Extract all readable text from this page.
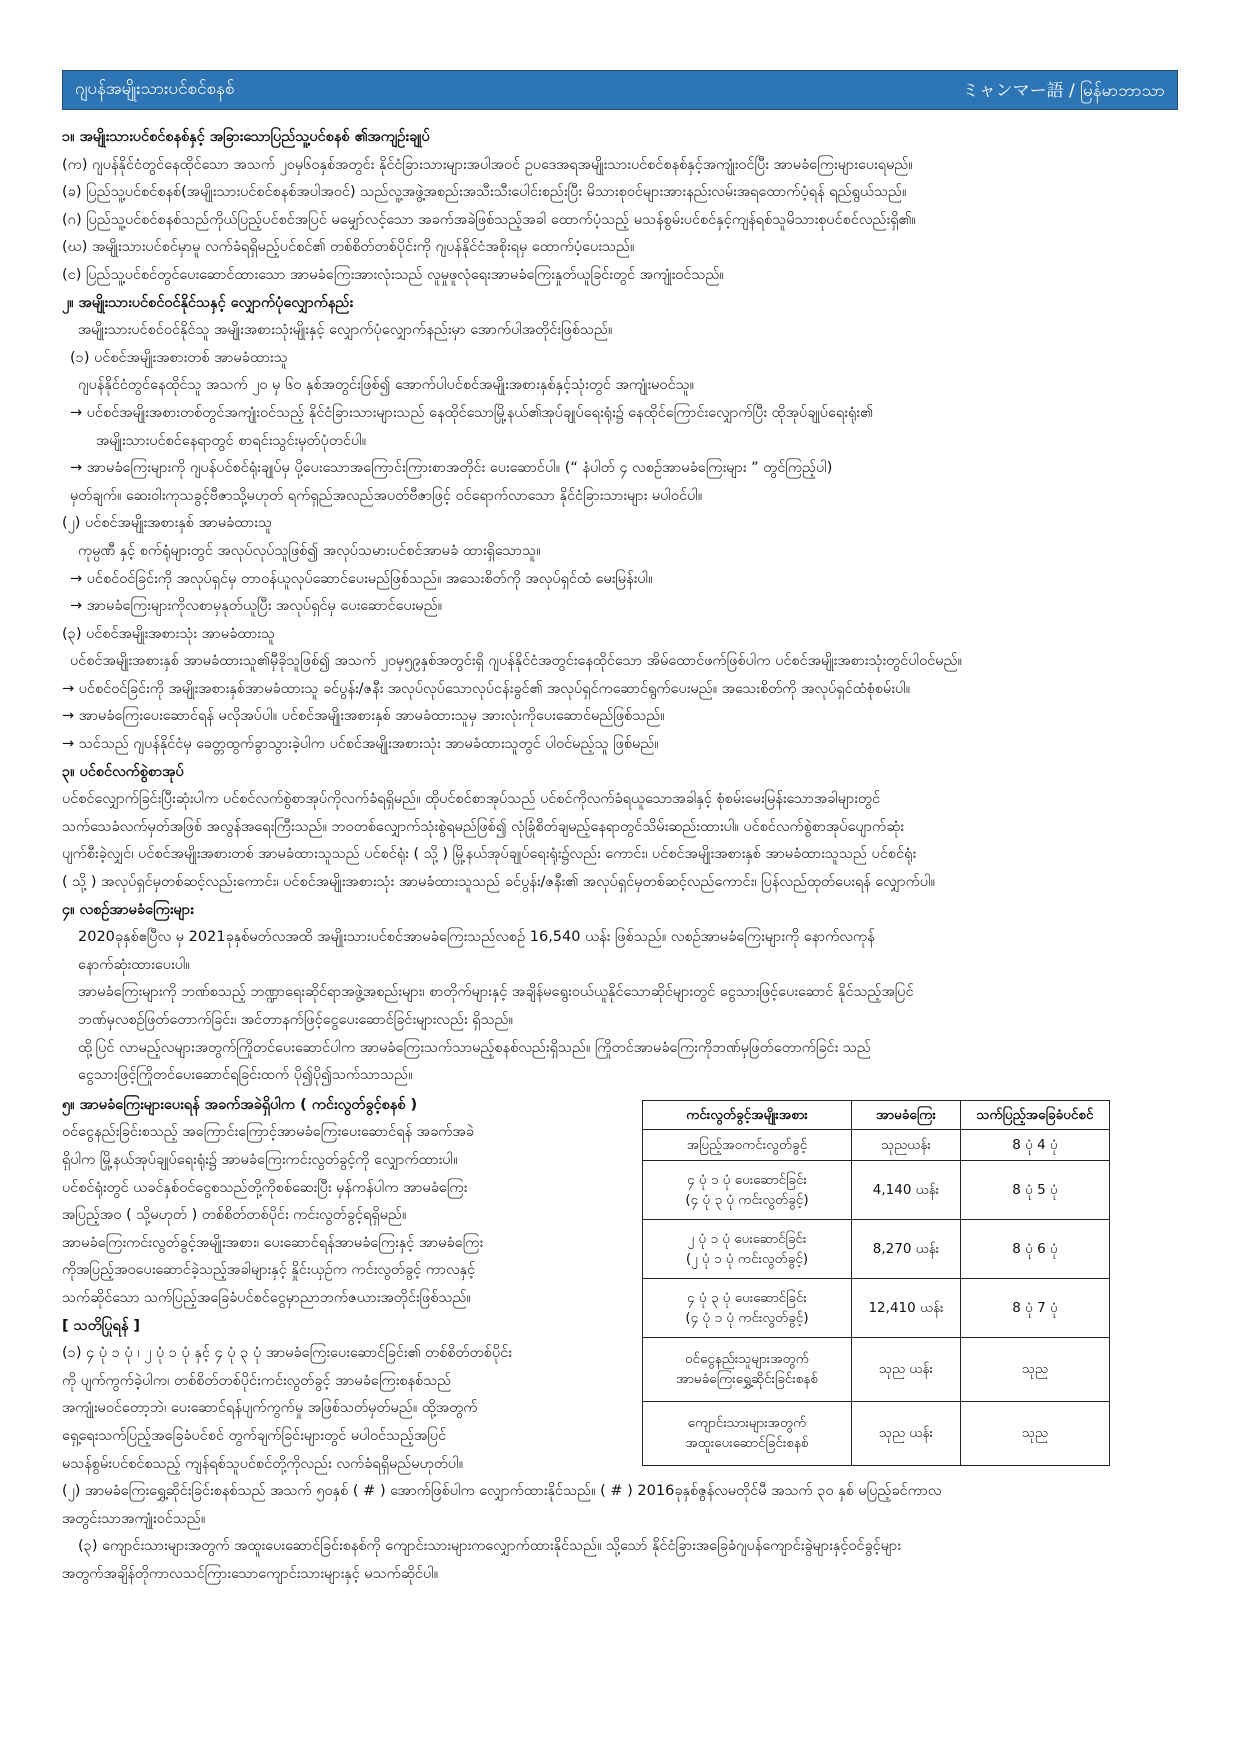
ဂျပန်အမျိုးသားပင်စင်စနစ်	ミャンマー語 / မြန်မာဘာသာ
၁။ အမျိုးသားပင်စင်စနစ်နှင့် အခြားသောပြည်သူ့ပင်စနစ် ၏အကျဉ်းချုပ်
(က) ဂျပန်နိုင်ငံတွင်နေထိုင်သော အသက် ၂၀မှ၆၀နှစ်အတွင်း နိုင်ငံခြားသားများအပါအဝင် ဥပဒေအရအမျိုးသားပင်စင်စနစ်နှင့်အကျုံးဝင်ပြီး အာမခံကြေးများပေးရမည်။
(ခ) ပြည်သူ့ပင်စင်စနစ်(အမျိုးသားပင်စင်စနစ်အပါအဝင်) သည်လူ့အဖွဲ့အစည်းအသီးသီးပေါင်းစည်းပြီး မိသားစုဝင်များအားနည်းလမ်းအရထောက်ပံ့ရန် ရည်ရွယ်သည်။
(ဂ) ပြည်သူ့ပင်စင်စနစ်သည်ကိုယ်ပြည့်ပင်စင်အပြင် မမျှော်လင့်သော အခက်အခဲဖြစ်သည့်အခါ ထောက်ပံ့သည့် မသန်စွမ်းပင်စင်နှင့်ကျန်ရစ်သူမိသားစုပင်စင်လည်းရှိ၏။
(ဃ) အမျိုးသားပင်စင်မှာမူ လက်ခံရရှိမည့်ပင်စင်၏ တစ်စိတ်တစ်ပိုင်းကို ဂျပန်နိုင်ငံအစိုးရမှ ထောက်ပံ့ပေးသည်။
(င) ပြည်သူ့ပင်စင်တွင်ပေးဆောင်ထားသော အာမခံကြေးအားလုံးသည် လူမှုဖူလုံရေးအာမခံကြေးနှုတ်ယူခြင်းတွင် အကျုံးဝင်သည်။
၂။ အမျိုးသားပင်စင်ဝင်နိုင်သနှင့် လျှောက်ပုံလျှောက်နည်း
အမျိုးသားပင်စင်ဝင်နိုင်သူ အမျိုးအစားသုံးမျိုးနှင့် လျှောက်ပုံလျှောက်နည်းမှာ အောက်ပါအတိုင်းဖြစ်သည်။
(၁) ပင်စင်အမျိုးအစားတစ် အာမခံထားသူ
ဂျပန်နိုင်ငံတွင်နေထိုင်သူ အသက် ၂၀ မှ ၆၀ နှစ်အတွင်းဖြစ်၍ အောက်ပါပင်စင်အမျိုးအစားနှစ်နှင့်သုံးတွင် အကျုံးမဝင်သူ။
→ ပင်စင်အမျိုးအစားတစ်တွင်အကျုံးဝင်သည့် နိုင်ငံခြားသားများသည် နေထိုင်သောမြို့နယ်၏အုပ်ချုပ်ရေးရုံး၌ နေထိုင်ကြောင်းလျှောက်ပြီး ထိုအုပ်ချုပ်ရေးရုံး၏
အမျိုးသားပင်စင်နေရာတွင် စာရင်းသွင်းမှတ်ပုံတင်ပါ။
→ အာမခံကြေးများကို ဂျပန်ပင်စင်ရုံးချုပ်မှ ပို့ပေးသောအကြောင်းကြားစာအတိုင်း ပေးဆောင်ပါ။ (“ နံပါတ် ၄ လစဉ်အာမခံကြေးများ ” တွင်ကြည့်ပါ)
မှတ်ချက်။ ဆေးဝါးကုသခွင့်ဗီဇာသို့မဟုတ် ရက်ရှည်အလည်အပတ်ဗီဇာဖြင့် ဝင်ရောက်လာသော နိုင်ငံခြားသားများ မပါဝင်ပါ။
(၂) ပင်စင်အမျိုးအစားနှစ် အာမခံထားသူ
ကုမ္ပဏီ နှင့် စက်ရုံများတွင် အလုပ်လုပ်သူဖြစ်၍ အလုပ်သမားပင်စင်အာမခံ ထားရှိသောသူ။
→ ပင်စင်ဝင်ခြင်းကို အလုပ်ရှင်မှ တာဝန်ယူလုပ်ဆောင်ပေးမည်ဖြစ်သည်။ အသေးစိတ်ကို အလုပ်ရှင်ထံ မေးမြန်းပါ။
→ အာမခံကြေးများကိုလစာမှနုတ်ယူပြီး အလုပ်ရှင်မှ ပေးဆောင်ပေးမည်။
(၃) ပင်စင်အမျိုးအစားသုံး အာမခံထားသူ
ပင်စင်အမျိုးအစားနှစ် အာမခံထားသူ၏မှီခိုသူဖြစ်၍ အသက် ၂၀မှ၅၉နှစ်အတွင်းရှိ ဂျပန်နိုင်ငံအတွင်းနေထိုင်သော အိမ်ထောင်ဖက်ဖြစ်ပါက ပင်စင်အမျိုးအစားသုံးတွင်ပါဝင်မည်။
→ ပင်စင်ဝင်ခြင်းကို အမျိုးအစားနှစ်အာမခံထားသူ ခင်ပွန်း/ဇနီး အလုပ်လုပ်သောလုပ်ငန်းခွင်၏ အလုပ်ရှင်ကဆောင်ရွက်ပေးမည်။ အသေးစိတ်ကို အလုပ်ရှင်ထံစုံစမ်းပါ။
→ အာမခံကြေးပေးဆောင်ရန် မလိုအပ်ပါ။ ပင်စင်အမျိုးအစားနှစ် အာမခံထားသူမှ အားလုံးကိုပေးဆောင်မည်ဖြစ်သည်။
→ သင်သည် ဂျပန်နိုင်ငံမှ ခေတ္တထွက်ခွာသွားခဲ့ပါက ပင်စင်အမျိုးအစားသုံး အာမခံထားသူတွင် ပါဝင်မည့်သူ ဖြစ်မည်။
၃။ ပင်စင်လက်စွဲစာအုပ်
ပင်စင်လျှောက်ခြင်းပြီးဆုံးပါက ပင်စင်လက်စွဲစာအုပ်ကိုလက်ခံရရှိမည်။ ထိုပင်စင်စာအုပ်သည် ပင်စင်ကိုလက်ခံရယူသောအခါနှင့် စုံစမ်းမေးမြန်းသောအခါများတွင်
သက်သေခံလက်မှတ်အဖြစ် အလွန်အရေးကြီးသည်။ ဘဝတစ်လျှောက်သုံးစွဲရမည်ဖြစ်၍ လုံခြုံစိတ်ချမည့်နေရာတွင်သိမ်းဆည်းထားပါ။ ပင်စင်လက်စွဲစာအုပ်ပျောက်ဆုံး
ပျက်စီးခဲ့လျှင်၊ ပင်စင်အမျိုးအစားတစ် အာမခံထားသူသည် ပင်စင်ရုံး ( သို့ ) မြို့နယ်အုပ်ချုပ်ရေးရုံး၌လည်း ကောင်း၊ ပင်စင်အမျိုးအစားနှစ် အာမခံထားသူသည် ပင်စင်ရုံး
( သို့ ) အလုပ်ရှင်မှတစ်ဆင့်လည်းကောင်း၊ ပင်စင်အမျိုးအစားသုံး အာမခံထားသူသည် ခင်ပွန်း/ဇနီး၏ အလုပ်ရှင်မှတစ်ဆင့်လည်ကောင်း၊ ပြန်လည်ထုတ်ပေးရန် လျှောက်ပါ။
၄။ လစဉ်အာမခံကြေးများ
2020ခုနှစ်ဧပြီလ မှ 2021ခုနှစ်မတ်လအထိ အမျိုးသားပင်စင်အာမခံကြေးသည်လစဉ် 16,540 ယန်း ဖြစ်သည်။ လစဉ်အာမခံကြေးများကို နောက်လကုန်
နောက်ဆုံးထားပေးပါ။
အာမခံကြေးများကို ဘဏ်စသည့် ဘဏ္ဍာရေးဆိုင်ရာအဖွဲ့အစည်းများ၊ စာတိုက်များနှင့် အချိန်မရွေးဝယ်ယူနိုင်သောဆိုင်များတွင် ငွေသားဖြင့်ပေးဆောင် နိုင်သည့်အပြင်
ဘဏ်မှလစဉ်ဖြတ်တောက်ခြင်း၊ အင်တာနက်ဖြင့်ငွေပေးဆောင်ခြင်းများလည်း ရှိသည်။
ထို့ပြင် လာမည့်လများအတွက်ကြိုတင်ပေးဆောင်ပါက အာမခံကြေးသက်သာမည့်စနစ်လည်းရှိသည်။ ကြိုတင်အာမခံကြေးကိုဘဏ်မှဖြတ်တောက်ခြင်း သည်
ငွေသားဖြင့်ကြိုတင်ပေးဆောင်ရခြင်းထက် ပို၍ပို၍သက်သာသည်။
၅။ အာမခံကြေးများပေးရန် အခက်အခဲရှိပါက ( ကင်းလွတ်ခွင့်စနစ် )
ဝင်ငွေနည်းခြင်းစသည့် အကြောင်းကြောင့်အာမခံကြေးပေးဆောင်ရန် အခက်အခဲ
ရှိပါက မြို့နယ်အုပ်ချုပ်ရေးရုံး၌ အာမခံကြေးကင်းလွတ်ခွင့်ကို လျှောက်ထားပါ။
ပင်စင်ရုံးတွင် ယခင်နှစ်ဝင်ငွေစသည်တို့ကိုစစ်ဆေးပြီး မှန်ကန်ပါက အာမခံကြေး
အပြည့်အဝ ( သို့မဟုတ် ) တစ်စိတ်တစ်ပိုင်း ကင်းလွတ်ခွင့်ရရှိမည်။
အာမခံကြေးကင်းလွတ်ခွင့်အမျိုးအစား၊ ပေးဆောင်ရန်အာမခံကြေးနှင့် အာမခံကြေး
ကိုအပြည့်အဝပေးဆောင်ခဲ့သည့်အခါများနှင့် နှိုင်းယှဉ်က ကင်းလွတ်ခွင့် ကာလနှင့်
သက်ဆိုင်သော သက်ပြည့်အခြေခံပင်စင်ငွေမှာညာဘက်ဇယားအတိုင်းဖြစ်သည်။
[ သတိပြုရန် ]
(၁) ၄ ပုံ ၁ ပုံ ၊ ၂ ပုံ ၁ ပုံ နှင့် ၄ ပုံ ၃ ပုံ အာမခံကြေးပေးဆောင်ခြင်း၏ တစ်စိတ်တစ်ပိုင်း
ကို ပျက်ကွက်ခဲ့ပါက၊ တစ်စိတ်တစ်ပိုင်းကင်းလွတ်ခွင့် အာမခံကြေးစနစ်သည်
အကျုံးမဝင်တော့ဘဲ၊ ပေးဆောင်ရန်ပျက်ကွက်မှု အဖြစ်သတ်မှတ်မည်။ ထို့အတွက်
ရှေ့ရေးသက်ပြည့်အခြေခံပင်စင် တွက်ချက်ခြင်းများတွင် မပါဝင်သည့်အပြင်
မသန်စွမ်းပင်စင်စသည့် ကျန်ရစ်သူပင်စင်တို့ကိုလည်း လက်ခံရရှိမည်မဟုတ်ပါ။
ကင်းလွတ်ခွင့်အမျိုးအစား	အာမခံကြေး	သက်ပြည့်အခြေခံပင်စင်
အပြည့်အဝကင်းလွတ်ခွင့်	သုညယန်း	8 ပုံ 4 ပုံ
၄ ပုံ ၁ ပုံ ပေးဆောင်ခြင်း
(၄ ပုံ ၃ ပုံ ကင်းလွတ်ခွင့်)	4,140 ယန်း	8 ပုံ 5 ပုံ
၂ ပုံ ၁ ပုံ ပေးဆောင်ခြင်း
(၂ ပုံ ၁ ပုံ ကင်းလွတ်ခွင့်)	8,270 ယန်း	8 ပုံ 6 ပုံ
၄ ပုံ ၃ ပုံ ပေးဆောင်ခြင်း
(၄ ပုံ ၁ ပုံ ကင်းလွတ်ခွင့်)	12,410 ယန်း	8 ပုံ 7 ပုံ
ဝင်ငွေနည်းသူများအတွက်
အာမခံကြေးရွှေ့ဆိုင်းခြင်းစနစ်	သုည ယန်း	သုည
ကျောင်းသားများအတွက်
အထူးပေးဆောင်ခြင်းစနစ်	သုည ယန်း	သုည
(၂) အာမခံကြေးရွှေ့ဆိုင်းခြင်းစနစ်သည် အသက် ၅၀နှစ် ( # ) အောက်ဖြစ်ပါက လျှောက်ထားနိုင်သည်။ ( # ) 2016ခုနှစ်ဇွန်လမတိုင်မီ အသက် ၃၀ နှစ် မပြည့်ခင်ကာလ
အတွင်းသာအကျုံးဝင်သည်။
(၃) ကျောင်းသားများအတွက် အထူးပေးဆောင်ခြင်းစနစ်ကို ကျောင်းသားများကလျှောက်ထားနိုင်သည်။ သို့သော် နိုင်ငံခြားအခြေခံဂျပန်ကျောင်းခွဲများနှင့်ဝင်ခွင့်များ
အတွက်အချိန်တိုကာလသင်ကြားသောကျောင်းသားများနှင့် မသက်ဆိုင်ပါ။
